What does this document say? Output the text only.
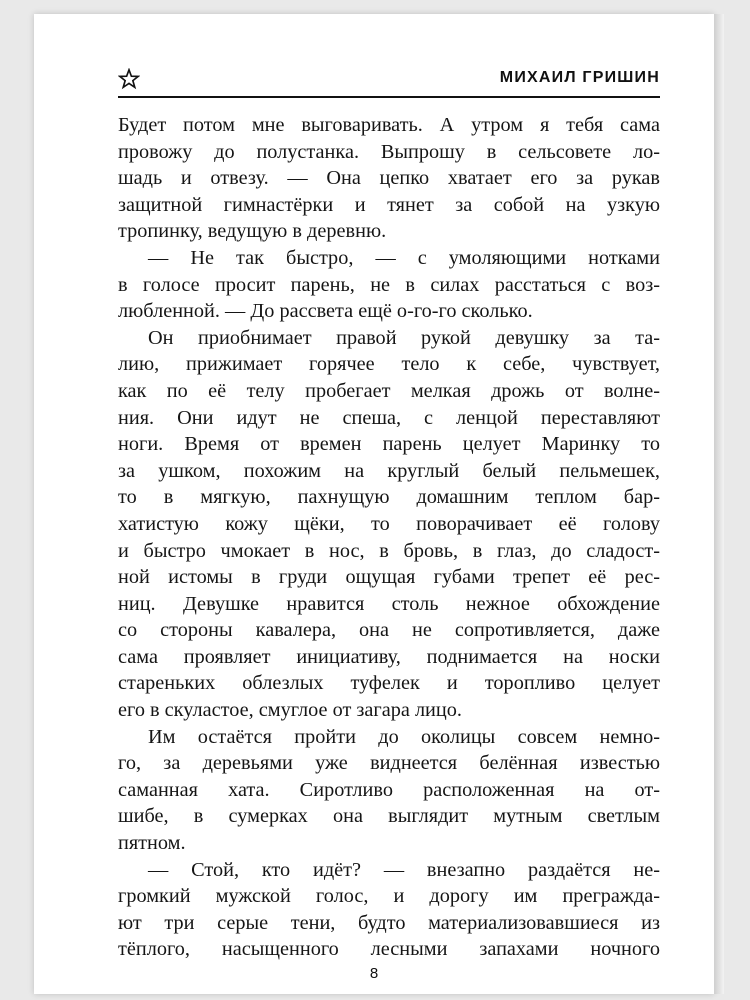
МИХАИЛ ГРИШИН
Будет потом мне выговаривать. А утром я тебя сама
провожу до полустанка. Выпрошу в сельсовете ло-
шадь и отвезу. — Она цепко хватает его за рукав
защитной гимнастёрки и тянет за собой на узкую
тропинку, ведущую в деревню.
— Не так быстро, — с умоляющими нотками
в голосе просит парень, не в силах расстаться с воз-
любленной. — До рассвета ещё о-го-го сколько.
Он приобнимает правой рукой девушку за та-
лию, прижимает горячее тело к себе, чувствует,
как по её телу пробегает мелкая дрожь от волне-
ния. Они идут не спеша, с ленцой переставляют
ноги. Время от времен парень целует Маринку то
за ушком, похожим на круглый белый пельмешек,
то в мягкую, пахнущую домашним теплом бар-
хатистую кожу щёки, то поворачивает её голову
и быстро чмокает в нос, в бровь, в глаз, до сладост-
ной истомы в груди ощущая губами трепет её рес-
ниц. Девушке нравится столь нежное обхождение
со стороны кавалера, она не сопротивляется, даже
сама проявляет инициативу, поднимается на носки
стареньких облезлых туфелек и торопливо целует
его в скуластое, смуглое от загара лицо.
Им остаётся пройти до околицы совсем немно-
го, за деревьями уже виднеется белённая известью
саманная хата. Сиротливо расположенная на от-
шибе, в сумерках она выглядит мутным светлым
пятном.
— Стой, кто идёт? — внезапно раздаётся не-
громкий мужской голос, и дорогу им преграждa-
ют три серые тени, будто материализовавшиеся из
тёплого, насыщенного лесными запахами ночного
8
